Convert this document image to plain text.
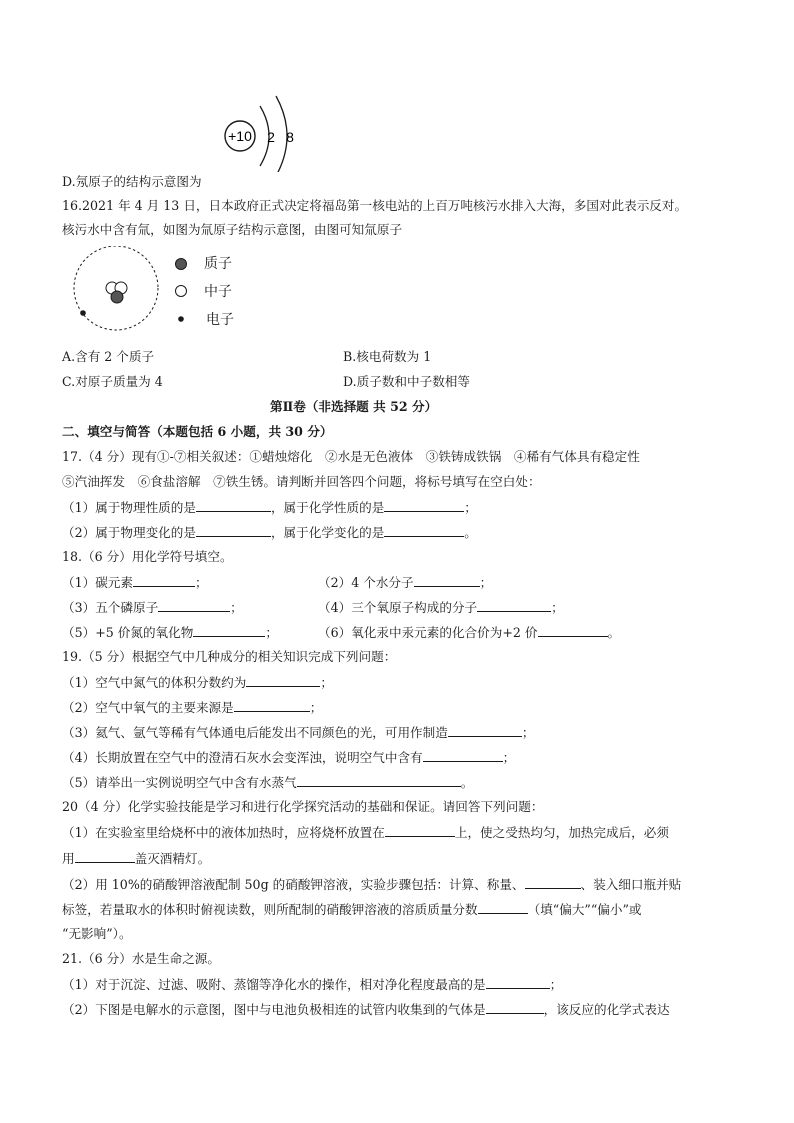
+10 2 8
D.氖原子的结构示意图为
16.2021 年 4 月 13 日，日本政府正式决定将福岛第一核电站的上百万吨核污水排入大海，多国对此表示反对。
核污水中含有氚，如图为氚原子结构示意图，由图可知氚原子
质子
中子
电子
A.含有 2 个质子	B.核电荷数为 1
C.对原子质量为 4	D.质子数和中子数相等
第Ⅱ卷（非选择题 共 52 分）
二、填空与简答（本题包括 6 小题，共 30 分）
17.（4 分）现有①-⑦相关叙述：①蜡烛熔化　②水是无色液体　③铁铸成铁锅　④稀有气体具有稳定性
⑤汽油挥发　⑥食盐溶解　⑦铁生锈。请判断并回答四个问题，将标号填写在空白处：
（1）属于物理性质的是	，属于化学性质的是	；
（2）属于物理变化的是	，属于化学变化的是	。
18.（6 分）用化学符号填空。
（1）碳元素	；	（2）4 个水分子	；
（3）五个磷原子	；	（4）三个氧原子构成的分子	；
（5）+5 价氮的氧化物	；	（6）氧化汞中汞元素的化合价为+2 价	。
19.（5 分）根据空气中几种成分的相关知识完成下列问题：
（1）空气中氮气的体积分数约为	；
（2）空气中氧气的主要来源是	；
（3）氦气、氩气等稀有气体通电后能发出不同颜色的光，可用作制造	；
（4）长期放置在空气中的澄清石灰水会变浑浊，说明空气中含有	；
（5）请举出一实例说明空气中含有水蒸气	。
20（4 分）化学实验技能是学习和进行化学探究活动的基础和保证。请回答下列问题：
（1）在实验室里给烧杯中的液体加热时，应将烧杯放置在	上，使之受热均匀，加热完成后，必须
用	盖灭酒精灯。
（2）用 10%的硝酸钾溶液配制 50g 的硝酸钾溶液，实验步骤包括：计算、称量、	、装入细口瓶并贴
标签，若量取水的体积时俯视读数，则所配制的硝酸钾溶液的溶质质量分数	（填“偏大”“偏小”或
“无影响”）。
21.（6 分）水是生命之源。
（1）对于沉淀、过滤、吸附、蒸馏等净化水的操作，相对净化程度最高的是	；
（2）下图是电解水的示意图，图中与电池负极相连的试管内收集到的气体是	，该反应的化学式表达
